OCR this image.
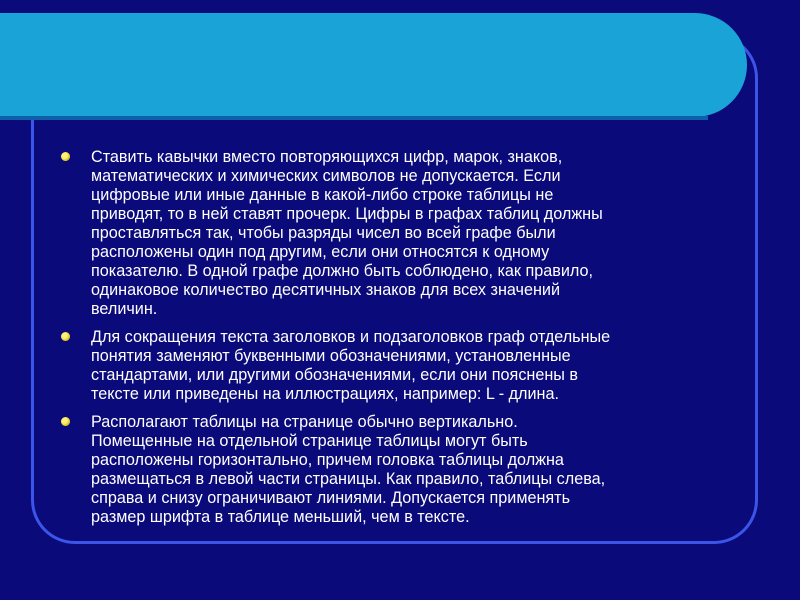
Ставить кавычки вместо повторяющихся цифр, марок, знаков,
математических и химических символов не допускается. Если
цифровые или иные данные в какой-либо строке таблицы не
приводят, то в ней ставят прочерк. Цифры в графах таблиц должны
проставляться так, чтобы разряды чисел во всей графе были
расположены один под другим, если они относятся к одному
показателю. В одной графе должно быть соблюдено, как правило,
одинаковое количество десятичных знаков для всех значений
величин.
Для сокращения текста заголовков и подзаголовков граф отдельные
понятия заменяют буквенными обозначениями, установленные
стандартами, или другими обозначениями, если они пояснены в
тексте или приведены на иллюстрациях, например: L - длина.
Располагают таблицы на странице обычно вертикально.
Помещенные на отдельной странице таблицы могут быть
расположены горизонтально, причем головка таблицы должна
размещаться в левой части страницы. Как правило, таблицы слева,
справа и снизу ограничивают линиями. Допускается применять
размер шрифта в таблице меньший, чем в тексте.
